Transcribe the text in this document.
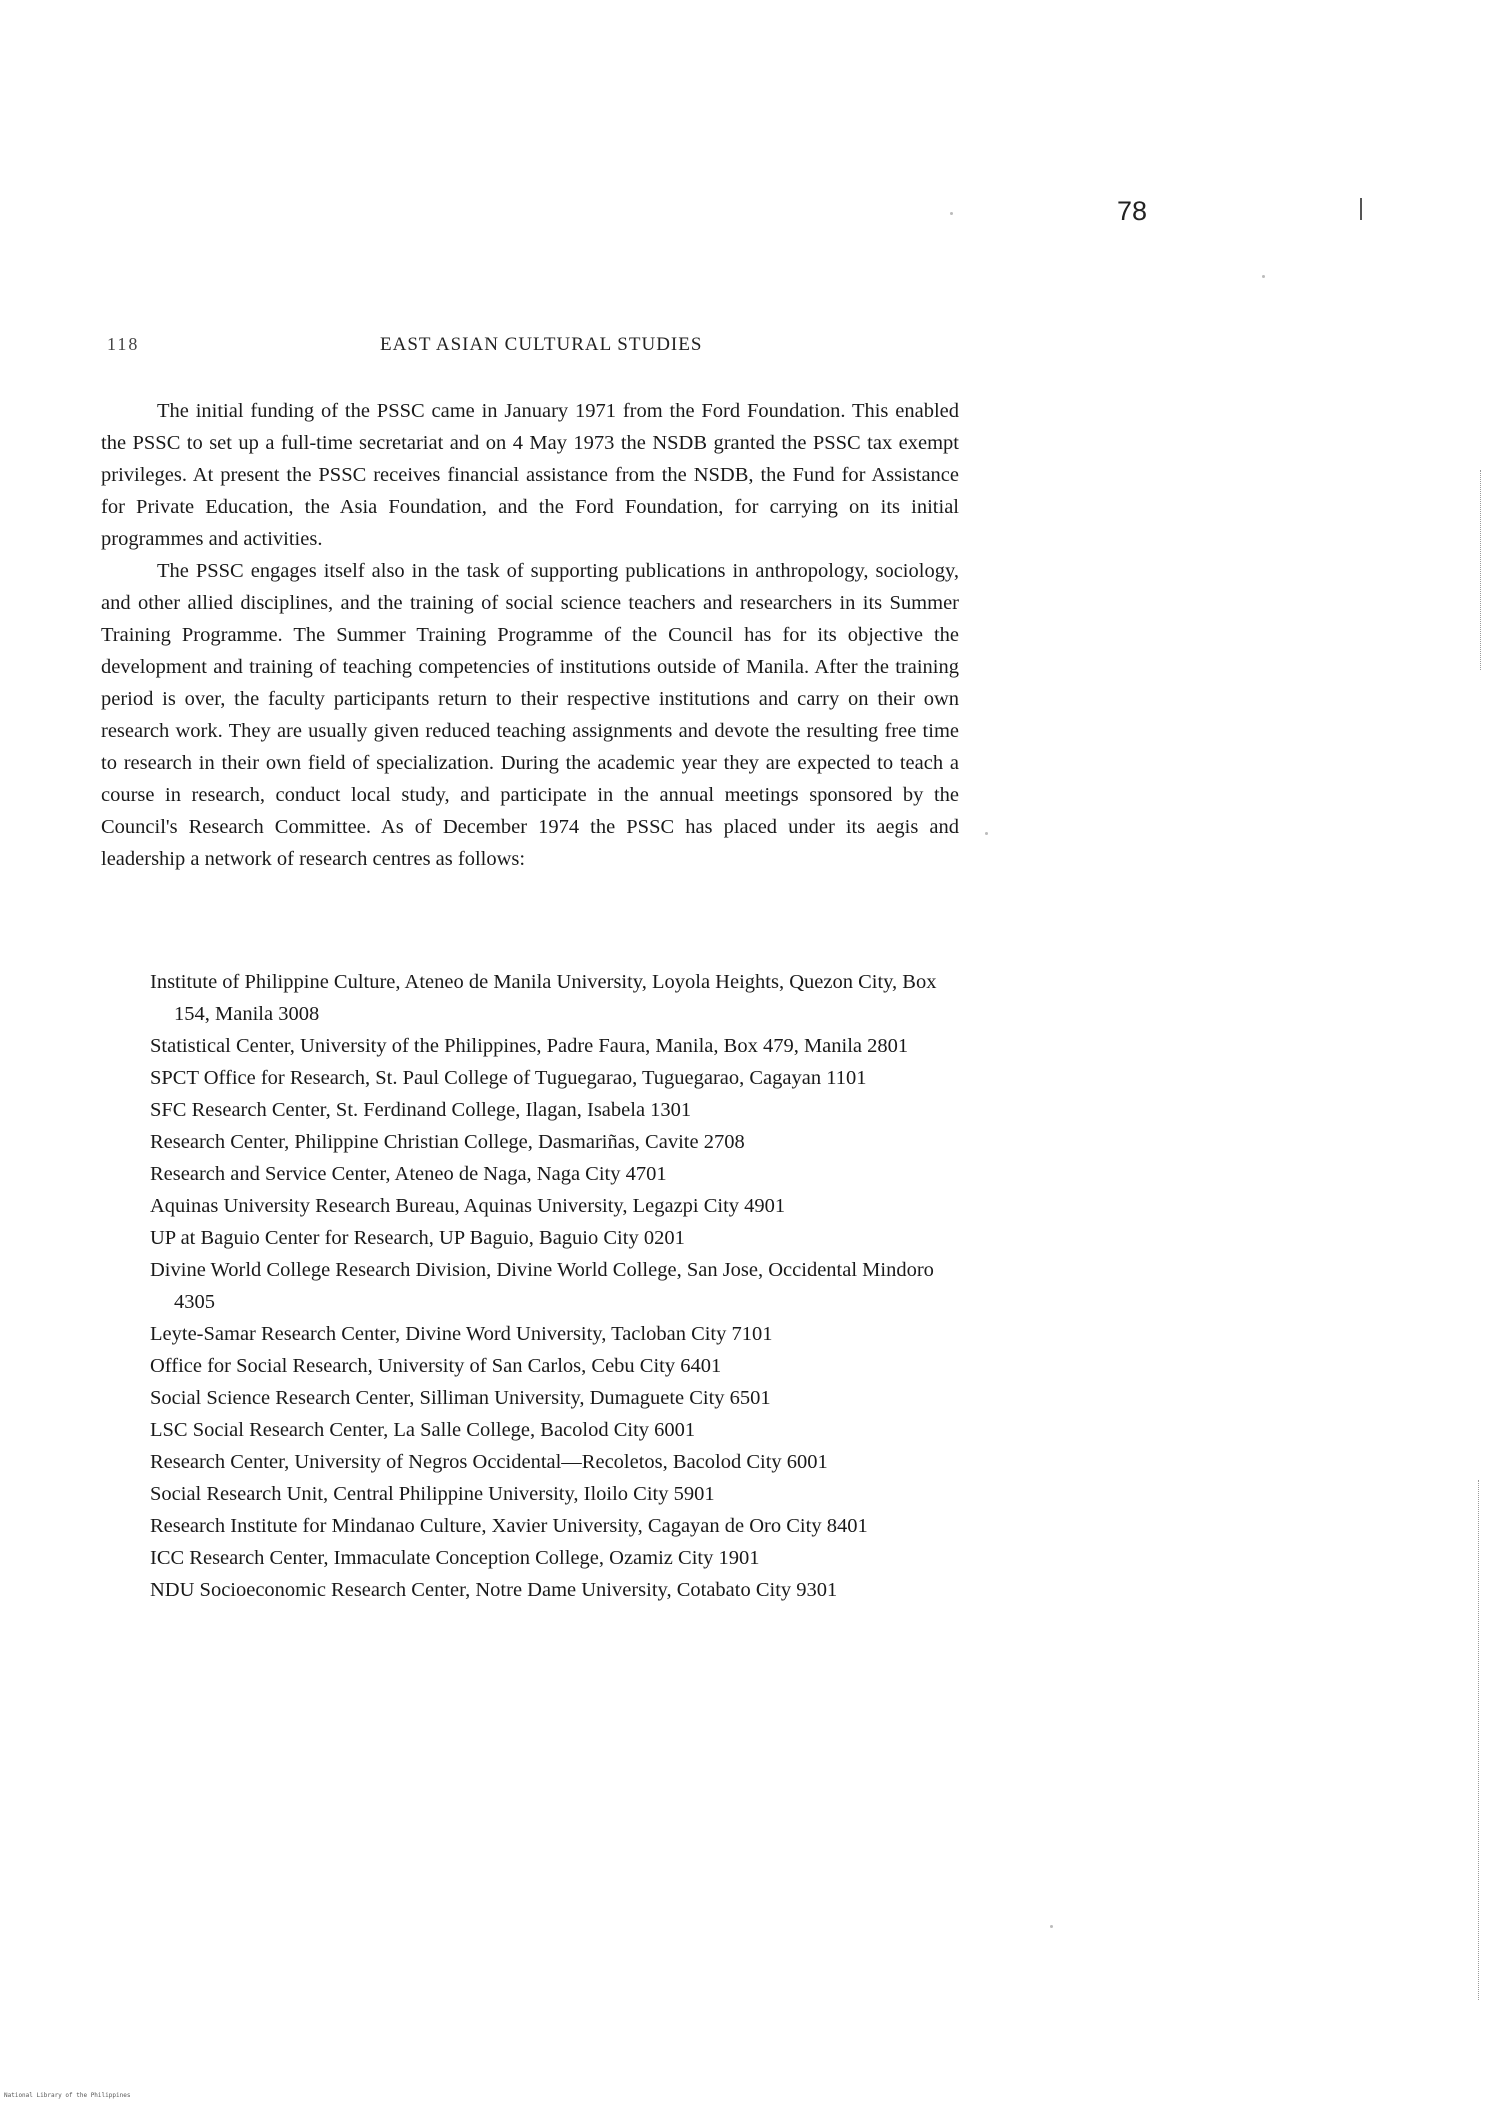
78
118	EAST ASIAN CULTURAL STUDIES

The initial funding of the PSSC came in January 1971 from the Ford Foundation. This enabled the PSSC to set up a full-time secretariat and on 4 May 1973 the NSDB granted the PSSC tax exempt privileges. At present the PSSC receives financial assistance from the NSDB, the Fund for Assistance for Private Education, the Asia Foundation, and the Ford Foundation, for carrying on its initial programmes and activities.

The PSSC engages itself also in the task of supporting publications in anthropology, sociology, and other allied disciplines, and the training of social science teachers and researchers in its Summer Training Programme. The Summer Training Programme of the Council has for its objective the development and training of teaching competencies of institutions outside of Manila. After the training period is over, the faculty participants return to their respective institutions and carry on their own research work. They are usually given reduced teaching assignments and devote the resulting free time to research in their own field of specialization. During the academic year they are expected to teach a course in research, conduct local study, and participate in the annual meetings sponsored by the Council's Research Committee. As of December 1974 the PSSC has placed under its aegis and leadership a network of research centres as follows:

Institute of Philippine Culture, Ateneo de Manila University, Loyola Heights, Quezon City, Box 154, Manila 3008
Statistical Center, University of the Philippines, Padre Faura, Manila, Box 479, Manila 2801
SPCT Office for Research, St. Paul College of Tuguegarao, Tuguegarao, Cagayan 1101
SFC Research Center, St. Ferdinand College, Ilagan, Isabela 1301
Research Center, Philippine Christian College, Dasmariñas, Cavite 2708
Research and Service Center, Ateneo de Naga, Naga City 4701
Aquinas University Research Bureau, Aquinas University, Legazpi City 4901
UP at Baguio Center for Research, UP Baguio, Baguio City 0201
Divine World College Research Division, Divine World College, San Jose, Occidental Mindoro 4305
Leyte-Samar Research Center, Divine Word University, Tacloban City 7101
Office for Social Research, University of San Carlos, Cebu City 6401
Social Science Research Center, Silliman University, Dumaguete City 6501
LSC Social Research Center, La Salle College, Bacolod City 6001
Research Center, University of Negros Occidental—Recoletos, Bacolod City 6001
Social Research Unit, Central Philippine University, Iloilo City 5901
Research Institute for Mindanao Culture, Xavier University, Cagayan de Oro City 8401
ICC Research Center, Immaculate Conception College, Ozamiz City 1901
NDU Socioeconomic Research Center, Notre Dame University, Cotabato City 9301
National Library of the Philippines
